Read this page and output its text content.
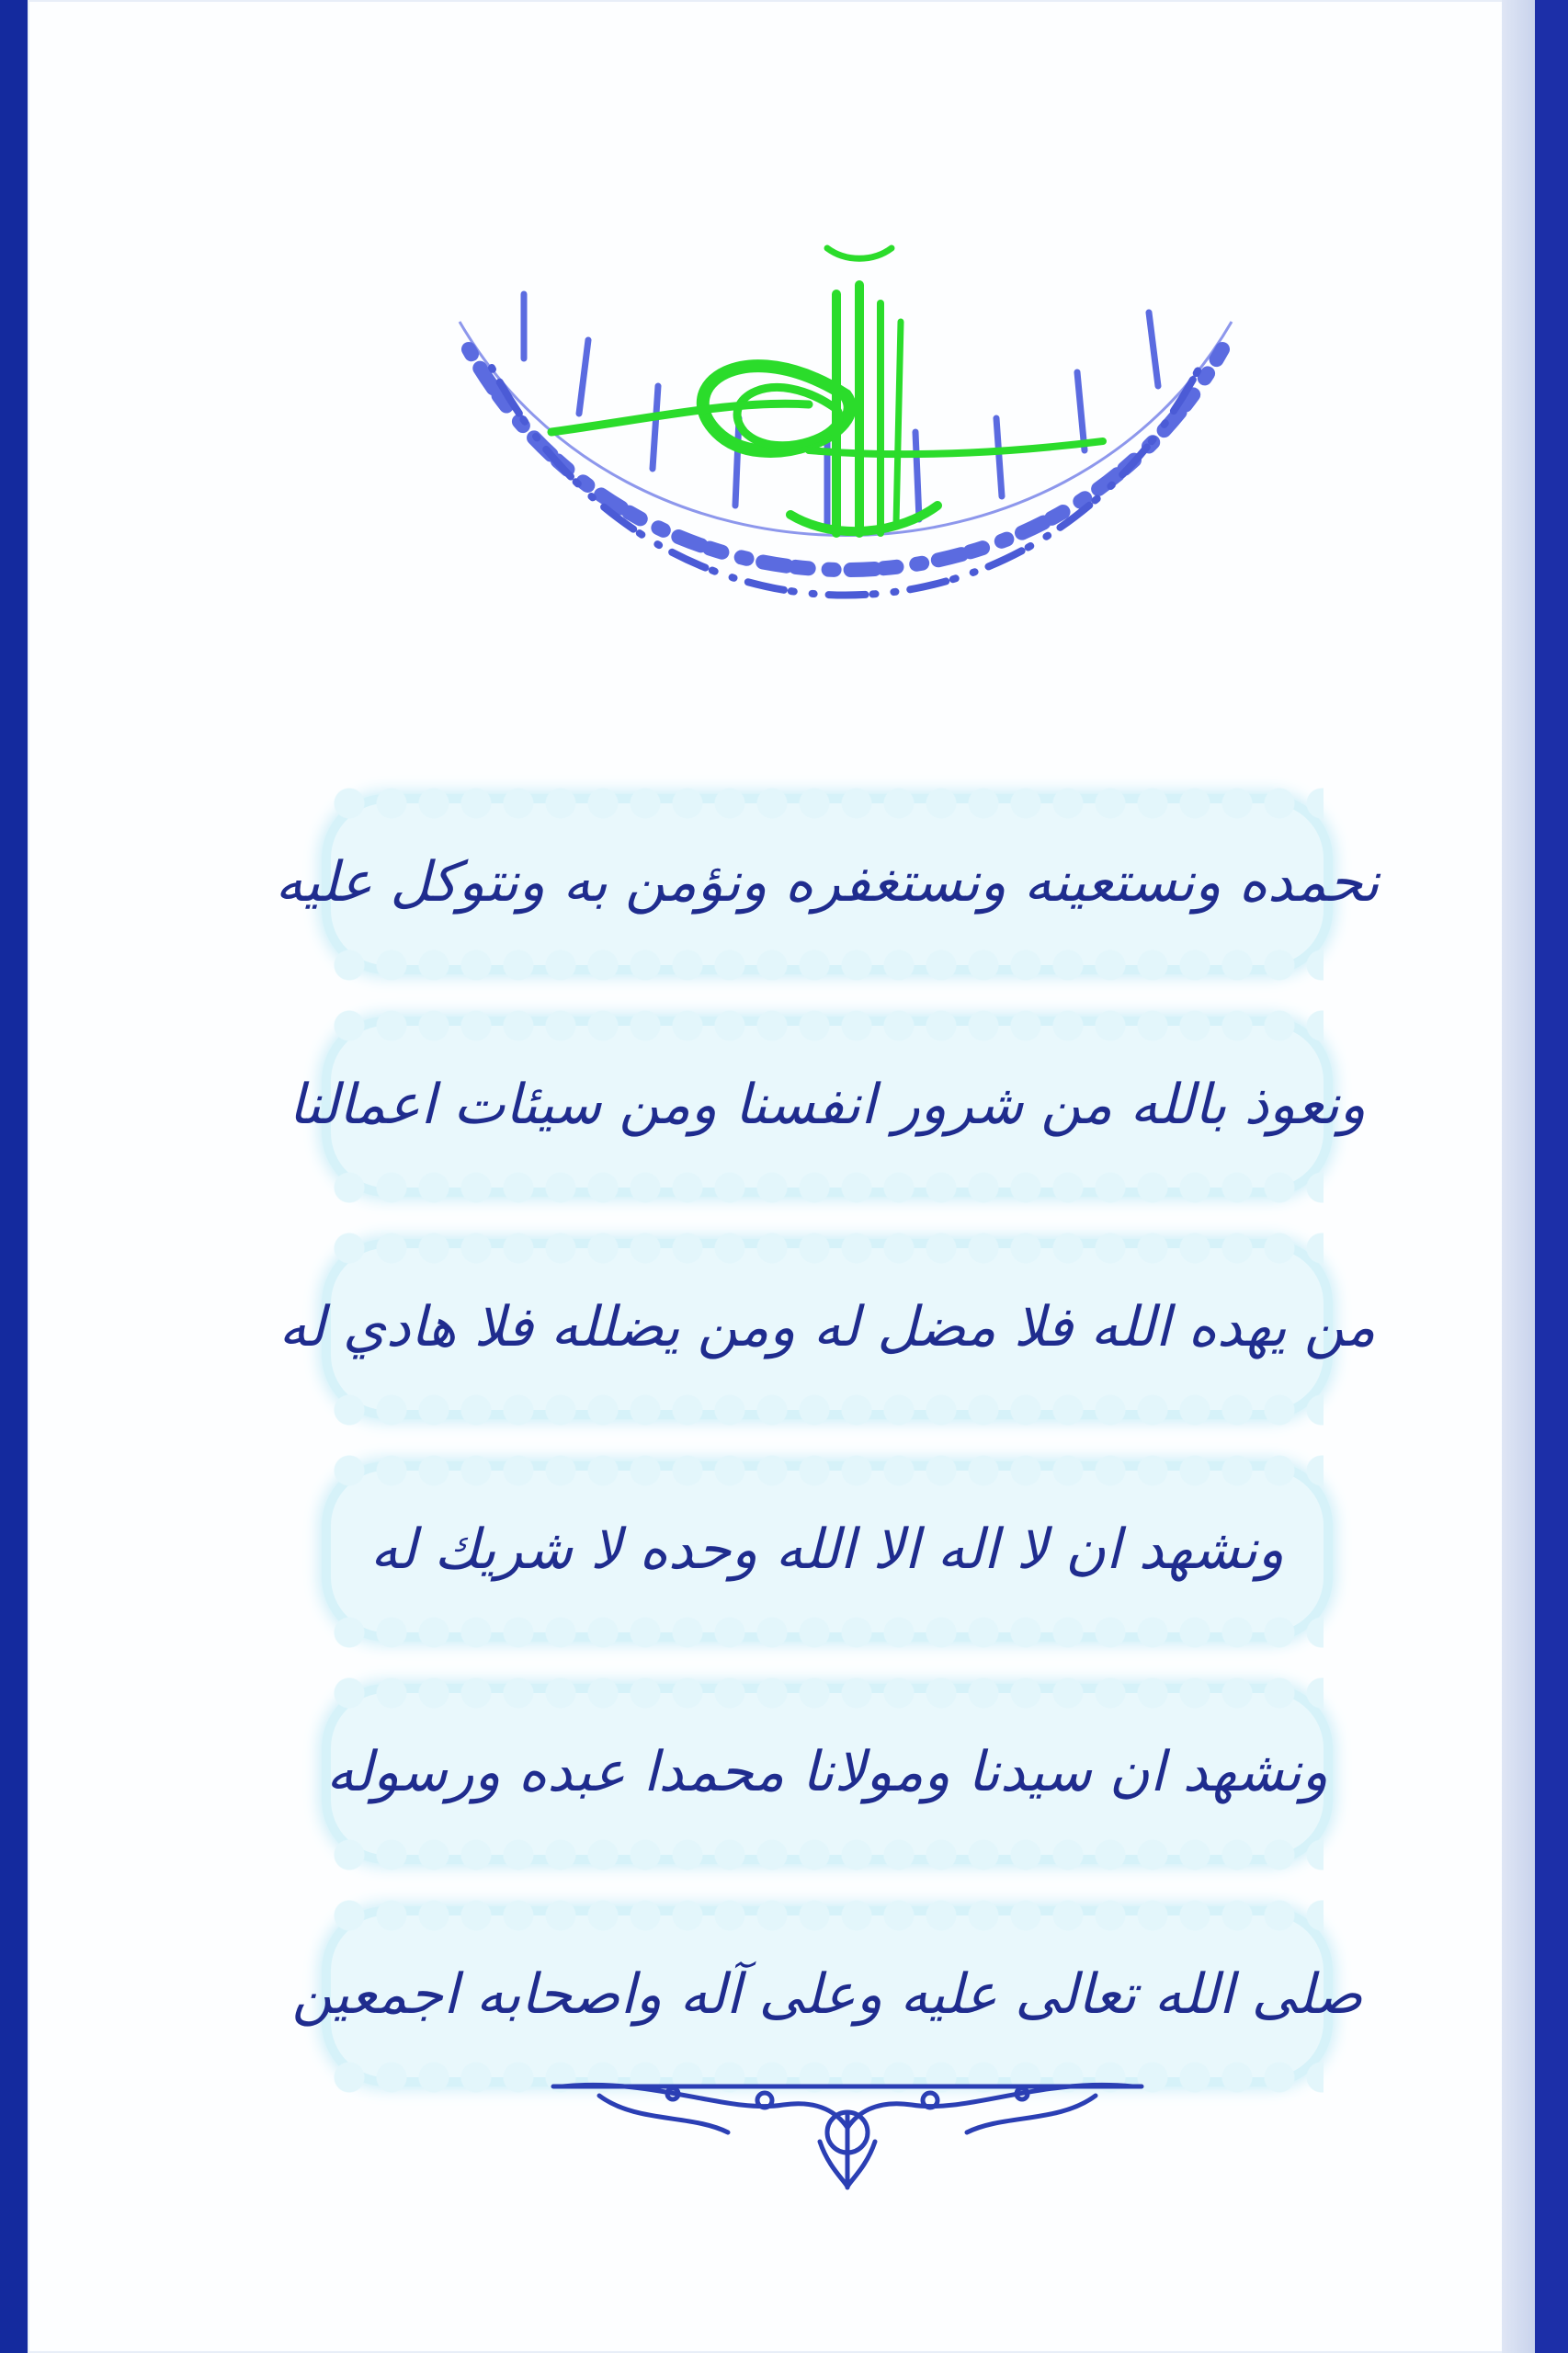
نحمده ونستعينه ونستغفره ونؤمن به ونتوكل عليه
ونعوذ بالله من شرور انفسنا ومن سيئات اعمالنا
من يهده الله فلا مضل له ومن يضلله فلا هادي له
ونشهد ان لا اله الا الله وحده لا شريك له
ونشهد ان سيدنا ومولانا محمدا عبده ورسوله
صلى الله تعالى عليه وعلى آله واصحابه اجمعين
